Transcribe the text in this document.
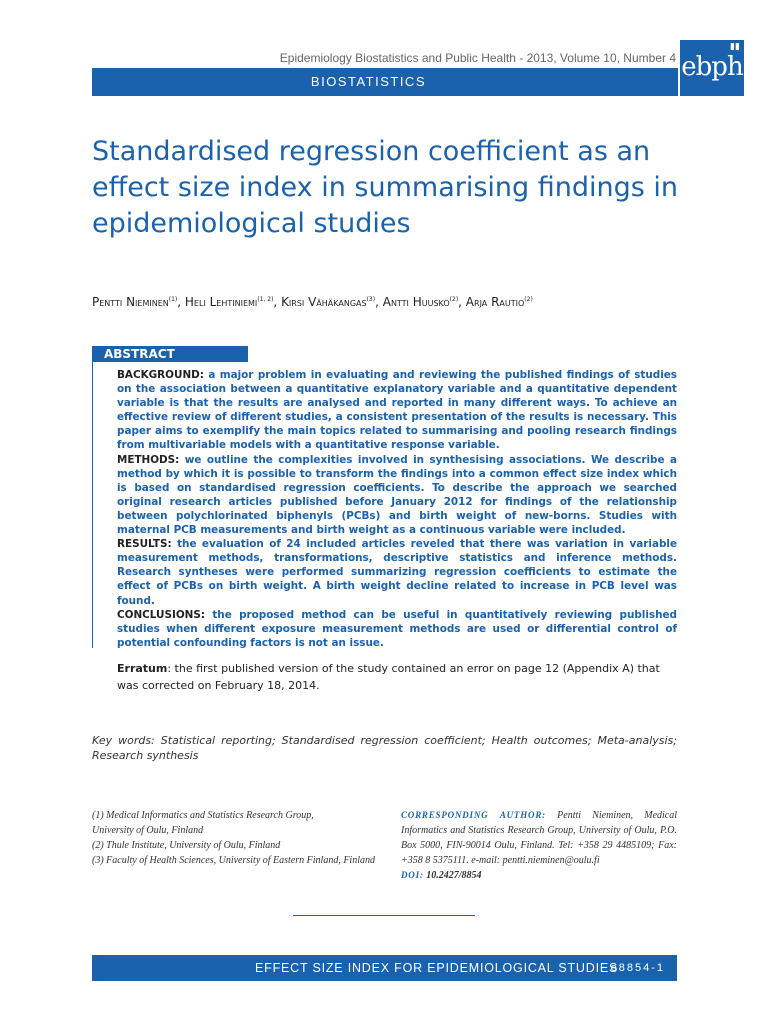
Epidemiology Biostatistics and Public Health - 2013, Volume 10, Number 4
BIOSTATISTICS
▮▮
ebph
Standardised regression coefficient as an effect size index in summarising findings in epidemiological studies
Pentti Nieminen$^{(1)}$, Heli Lehtiniemi$^{(1, 2)}$, Kirsi Vähäkangas$^{(3)}$, Antti Huusko$^{(2)}$, Arja Rautio$^{(2)}$
ABSTRACT

BACKGROUND: a major problem in evaluating and reviewing the published findings of studies on the association between a quantitative explanatory variable and a quantitative dependent variable is that the results are analysed and reported in many different ways. To achieve an effective review of different studies, a consistent presentation of the results is necessary. This paper aims to exemplify the main topics related to summarising and pooling research findings from multivariable models with a quantitative response variable.

METHODS: we outline the complexities involved in synthesising associations. We describe a method by which it is possible to transform the findings into a common effect size index which is based on standardised regression coefficients. To describe the approach we searched original research articles published before January 2012 for findings of the relationship between polychlorinated biphenyls (PCBs) and birth weight of new-borns. Studies with maternal PCB measurements and birth weight as a continuous variable were included.

RESULTS: the evaluation of 24 included articles reveled that there was variation in variable measurement methods, transformations, descriptive statistics and inference methods. Research syntheses were performed summarizing regression coefficients to estimate the effect of PCBs on birth weight. A birth weight decline related to increase in PCB level was found.

CONCLUSIONS: the proposed method can be useful in quantitatively reviewing published studies when different exposure measurement methods are used or differential control of potential confounding factors is not an issue.

Erratum: the first published version of the study contained an error on page 12 (Appendix A) that was corrected on February 18, 2014.
Key words: Statistical reporting; Standardised regression coefficient; Health outcomes; Meta-analysis; Research synthesis
(1) Medical Informatics and Statistics Research Group,
University of Oulu, Finland
(2) Thule Institute, University of Oulu, Finland
(3) Faculty of Health Sciences, University of Eastern Finland, Finland
CORRESPONDING AUTHOR: Pentti Nieminen, Medical Informatics and Statistics Research Group, University of Oulu, P.O. Box 5000, FIN-90014 Oulu, Finland. Tel: +358 29 4485109; Fax: +358 8 5375111. e-mail: pentti.nieminen@oulu.fi
DOI: 10.2427/8854
EFFECT SIZE INDEX FOR EPIDEMIOLOGICAL STUDIES
e8854-1
